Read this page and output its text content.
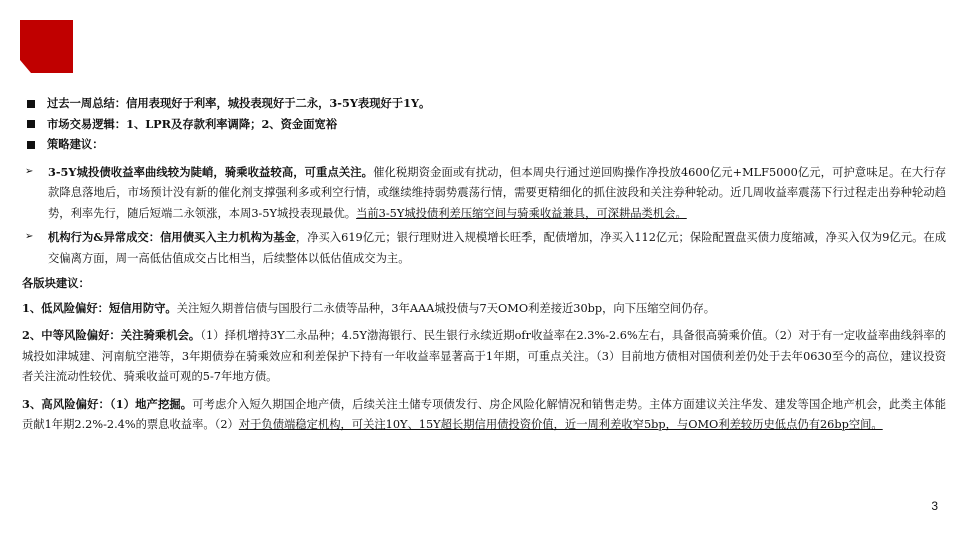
过去一周总结：信用表现好于利率，城投表现好于二永，3-5Y表现好于1Y。
市场交易逻辑：1、LPR及存款利率调降；2、资金面宽裕
策略建议：
➢ 3-5Y城投债收益率曲线较为陡峭，骑乘收益较高，可重点关注。催化税期资金面或有扰动，但本周央行通过逆回购操作净投放4600亿元+MLF5000亿元，可护意味足。在大行存款降息落地后，市场预计没有新的催化剂支撑强利多或利空行情，或继续维持弱势震荡行情，需要更精细化的抓住波段和关注券种轮动。近几周收益率震荡下行过程走出券种轮动趋势，利率先行，随后短端二永领涨，本周3-5Y城投表现最优。当前3-5Y城投债利差压缩空间与骑乘收益兼具，可深耕品类机会。
➢ 机构行为&异常成交：信用债买入主力机构为基金，净买入619亿元；银行理财进入规模增长旺季，配债增加，净买入112亿元；保险配置盘买债力度缩减，净买入仅为9亿元。在成交偏离方面，周一高低估值成交占比相当，后续整体以低估值成交为主。
各版块建议：
1、低风险偏好：短信用防守。关注短久期普信债与国股行二永债等品种，3年AAA城投债与7天OMO利差接近30bp，向下压缩空间仍存。
2、中等风险偏好：关注骑乘机会。（1）择机增持3Y二永品种；4.5Y渤海银行、民生银行永续近期ofr收益率在2.3%-2.6%左右，具备很高骑乘价值。（2）对于有一定收益率曲线斜率的城投如津城建、河南航空港等，3年期债券在骑乘效应和利差保护下持有一年收益率显著高于1年期，可重点关注。（3）目前地方债相对国债利差仍处于去年0630至今的高位，建议投资者关注流动性较优、骑乘收益可观的5-7年地方债。
3、高风险偏好：（1）地产挖掘。可考虑介入短久期国企地产债，后续关注土储专项债发行、房企风险化解情况和销售走势。主体方面建议关注华发、建发等国企地产机会，此类主体能贡献1年期2.2%-2.4%的票息收益率。（2）对于负债端稳定机构，可关注10Y、15Y超长期信用债投资价值，近一周利差收窄5bp，与OMO利差较历史低点仍有26bp空间。
3
